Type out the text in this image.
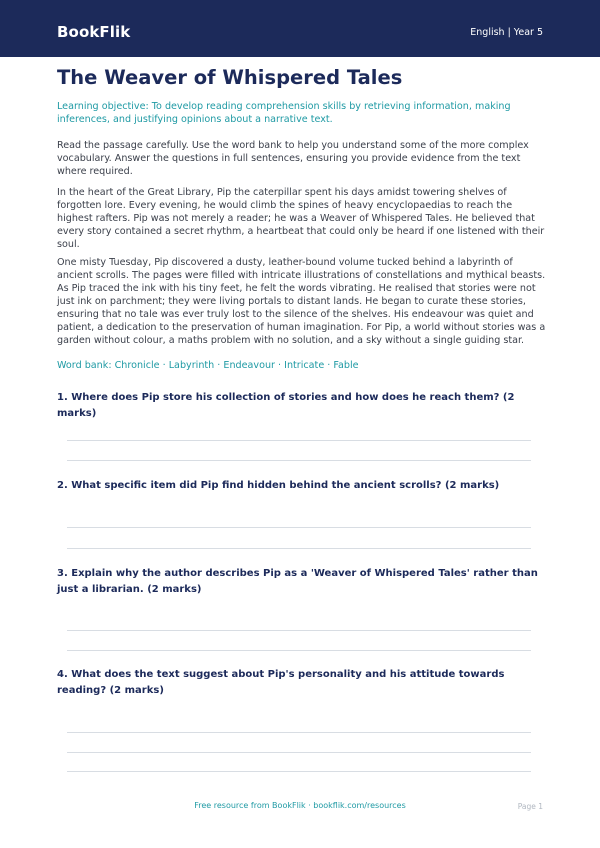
BookFlik	English | Year 5
The Weaver of Whispered Tales

Learning objective: To develop reading comprehension skills by retrieving information, making inferences, and justifying opinions about a narrative text.

Read the passage carefully. Use the word bank to help you understand some of the more complex vocabulary. Answer the questions in full sentences, ensuring you provide evidence from the text where required.

In the heart of the Great Library, Pip the caterpillar spent his days amidst towering shelves of forgotten lore. Every evening, he would climb the spines of heavy encyclopaedias to reach the highest rafters. Pip was not merely a reader; he was a Weaver of Whispered Tales. He believed that every story contained a secret rhythm, a heartbeat that could only be heard if one listened with their soul.

One misty Tuesday, Pip discovered a dusty, leather-bound volume tucked behind a labyrinth of ancient scrolls. The pages were filled with intricate illustrations of constellations and mythical beasts. As Pip traced the ink with his tiny feet, he felt the words vibrating. He realised that stories were not just ink on parchment; they were living portals to distant lands. He began to curate these stories, ensuring that no tale was ever truly lost to the silence of the shelves. His endeavour was quiet and patient, a dedication to the preservation of human imagination. For Pip, a world without stories was a garden without colour, a maths problem with no solution, and a sky without a single guiding star.

Word bank: Chronicle · Labyrinth · Endeavour · Intricate · Fable

1. Where does Pip store his collection of stories and how does he reach them? (2 marks)

2. What specific item did Pip find hidden behind the ancient scrolls? (2 marks)

3. Explain why the author describes Pip as a 'Weaver of Whispered Tales' rather than just a librarian. (2 marks)

4. What does the text suggest about Pip's personality and his attitude towards reading? (2 marks)

Free resource from BookFlik · bookflik.com/resources	Page 1
